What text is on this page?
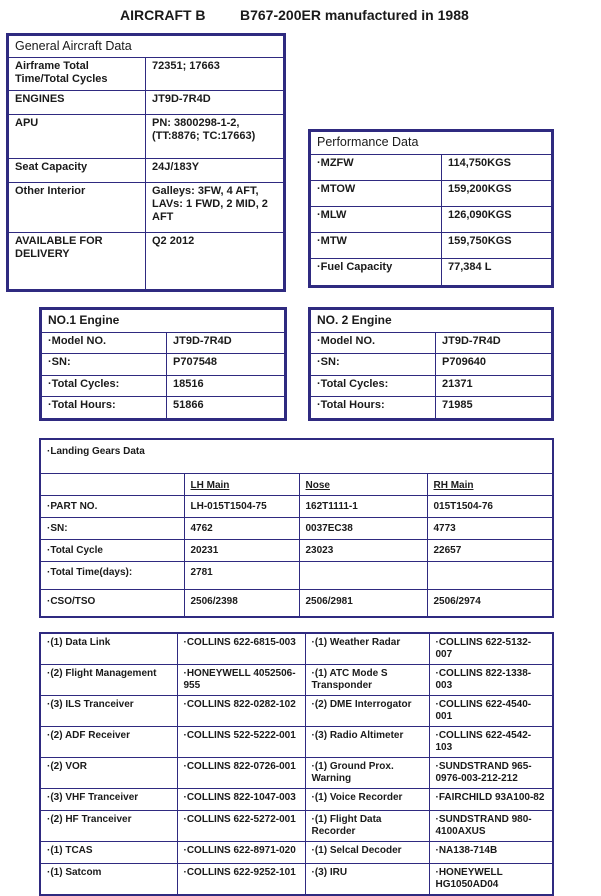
AIRCRAFT B B767-200ER manufactured in 1988
General Aircraft Data	
Airframe Total Time/Total Cycles	72351; 17663
ENGINES	JT9D-7R4D
APU	PN: 3800298-1-2, (TT:8876; TC:17663)
Seat Capacity	24J/183Y
Other Interior	Galleys: 3FW, 4 AFT, LAVs: 1 FWD, 2 MID, 2 AFT
AVAILABLE FOR DELIVERY	Q2 2012
Performance Data	
·MZFW	114,750KGS
·MTOW	159,200KGS
·MLW	126,090KGS
·MTW	159,750KGS
·Fuel Capacity	77,384 L
NO.1 Engine	
·Model NO.	JT9D-7R4D
·SN:	P707548
·Total Cycles:	18516
·Total Hours:	51866
NO. 2 Engine	
·Model NO.	JT9D-7R4D
·SN:	P709640
·Total Cycles:	21371
·Total Hours:	71985
·Landing Gears Data			
	LH Main	Nose	RH Main
·PART NO.	LH-015T1504-75	162T1111-1	015T1504-76
·SN:	4762	0037EC38	4773
·Total Cycle	20231	23023	22657
·Total Time(days):	2781		
·CSO/TSO	2506/2398	2506/2981	2506/2974
·(1) Data Link	·COLLINS 622-6815-003	·(1) Weather Radar	·COLLINS 622-5132-007
·(2) Flight Management	·HONEYWELL 4052506-955	·(1) ATC Mode S Transponder	·COLLINS 822-1338-003
·(3) ILS Tranceiver	·COLLINS 822-0282-102	·(2) DME Interrogator	·COLLINS 622-4540-001
·(2) ADF Receiver	·COLLINS 522-5222-001	·(3) Radio Altimeter	·COLLINS 622-4542-103
·(2) VOR	·COLLINS 822-0726-001	·(1) Ground Prox. Warning	·SUNDSTRAND 965-0976-003-212-212
·(3) VHF Tranceiver	·COLLINS 822-1047-003	·(1) Voice Recorder	·FAIRCHILD 93A100-82
·(2) HF Tranceiver	·COLLINS 622-5272-001	·(1) Flight Data Recorder	·SUNDSTRAND 980-4100AXUS
·(1) TCAS	·COLLINS 622-8971-020	·(1) Selcal Decoder	·NA138-714B
·(1) Satcom	·COLLINS 622-9252-101	·(3) IRU	·HONEYWELL HG1050AD04
